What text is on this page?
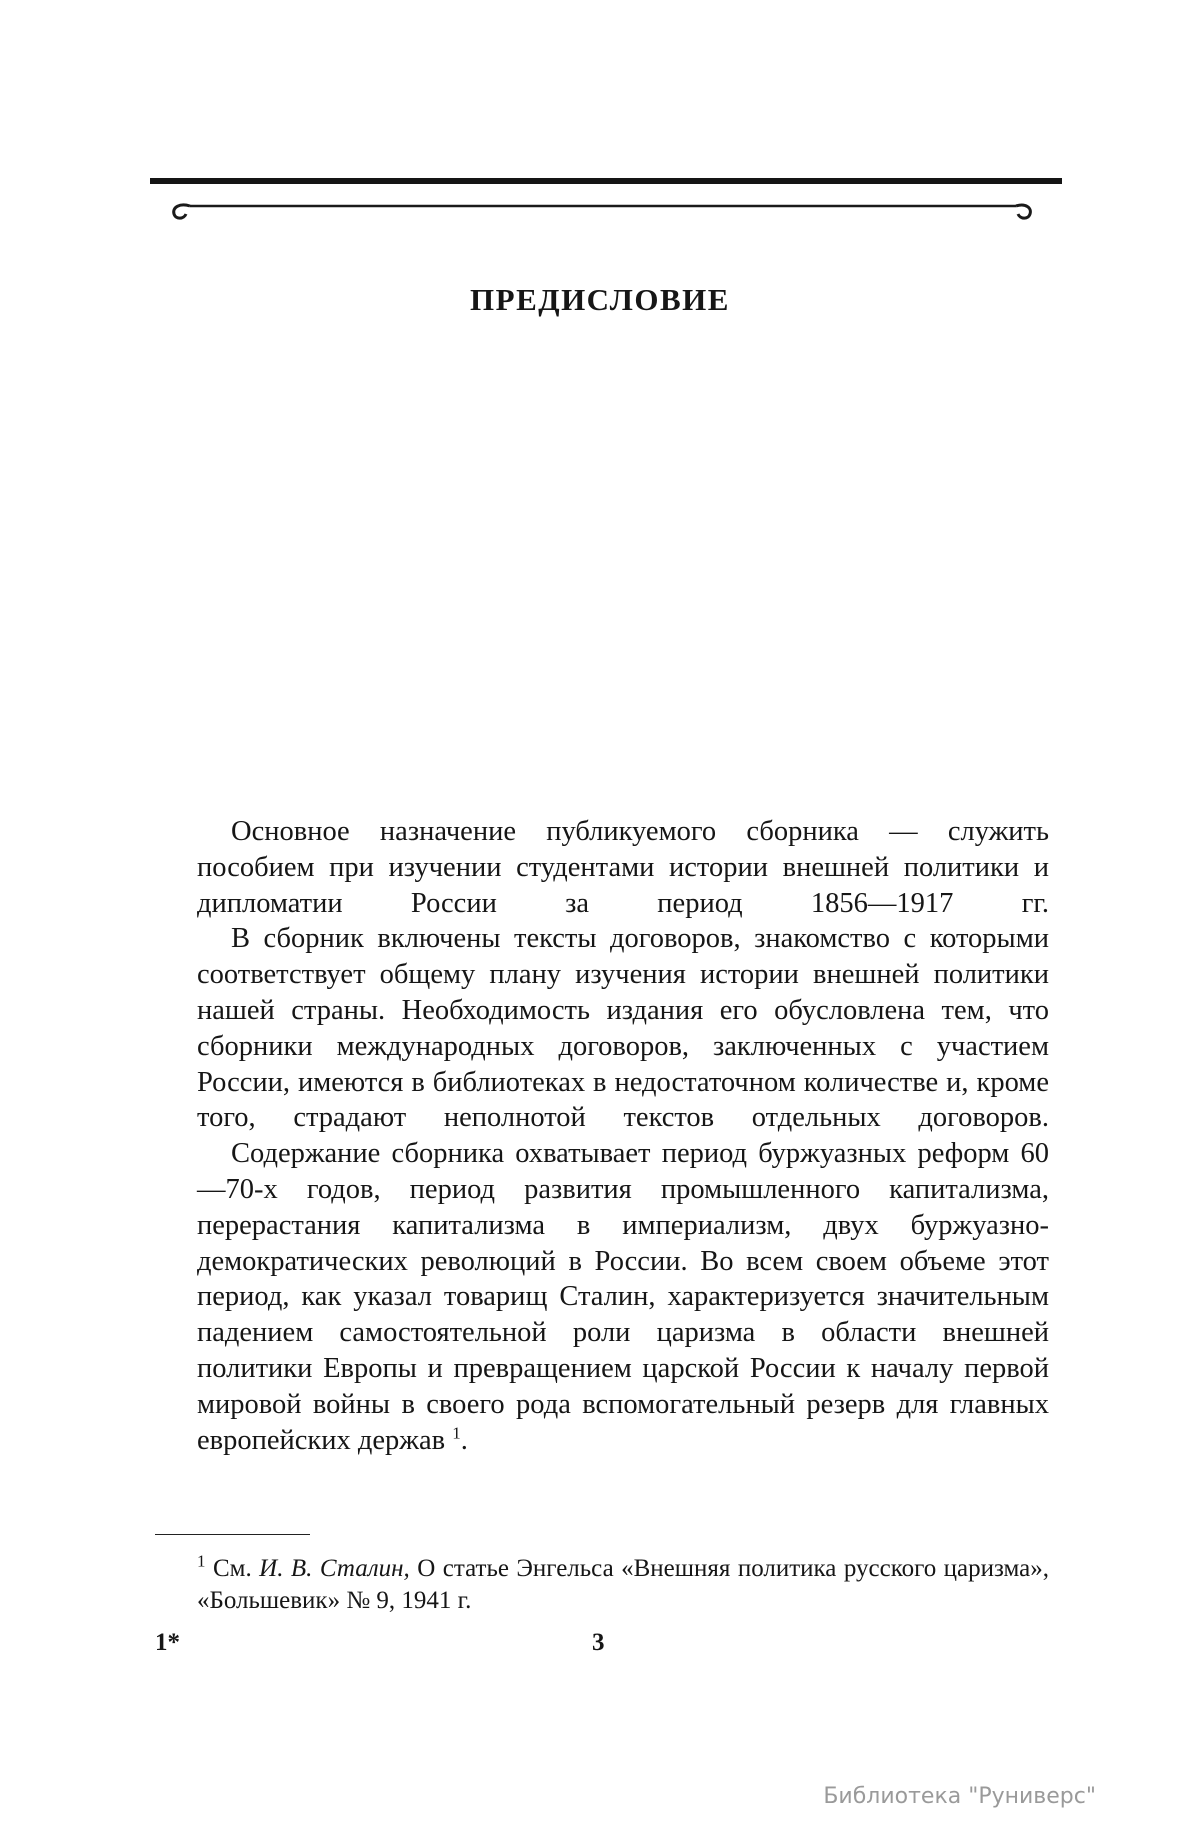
ПРЕДИСЛОВИЕ

Основное назначение публикуемого сборника — служить пособием при изучении студентами истории внешней политики и дипломатии России за период 1856—1917 гг.

В сборник включены тексты договоров, знакомство с которыми соответствует общему плану изучения истории внешней политики нашей страны. Необходимость издания его обусловлена тем, что сборники международных договоров, заключенных с участием России, имеются в библиотеках в недостаточном количестве и, кроме того, страдают неполнотой текстов отдельных договоров.

Содержание сборника охватывает период буржуазных реформ 60—70-х годов, период развития промышленного капитализма, перерастания капитализма в империализм, двух буржуазно-демократических революций в России. Во всем своем объеме этот период, как указал товарищ Сталин, характеризуется значительным падением самостоятельной роли царизма в области внешней политики Европы и превращением царской России к началу первой мировой войны в своего рода вспомогательный резерв для главных европейских держав $^1$.

$^1$ См. И. В. Сталин, О статье Энгельса «Внешняя политика русского царизма», «Большевик» № 9, 1941 г.
1*	3
Библиотека "Руниверс"
